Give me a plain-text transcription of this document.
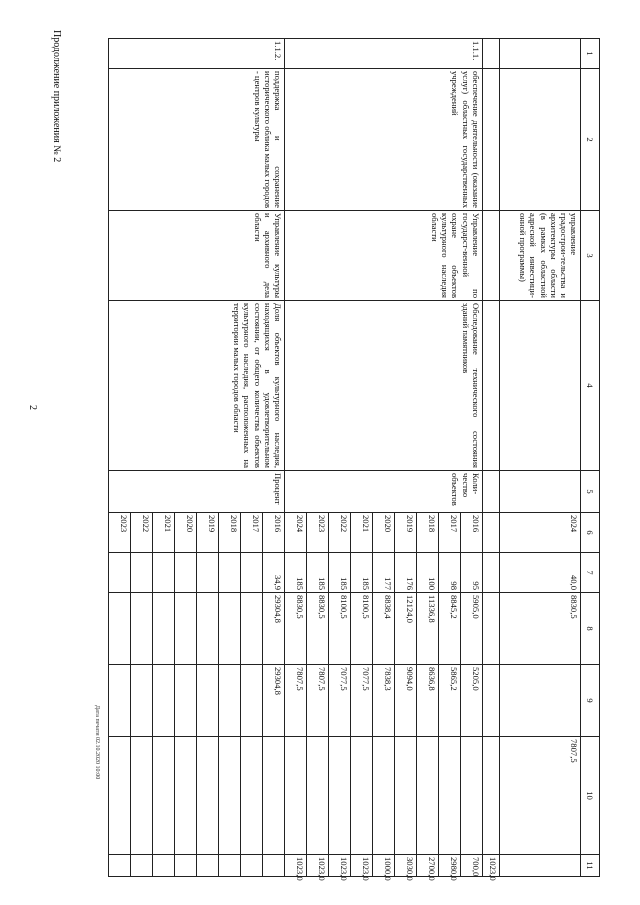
2
Продолжение приложения № 2
Дата печати 02.10.2020 10:00
1	2	3	4	5	6	7	8	9	10	11
		управление градострои-тельства и архитектуры области (в рамках областной адресной инвестици-онной программы)			2024	40,0	8830,5		7807,5	
										1023,0
1.1.1.	обеспечение деятельности (оказание услуг) областных государственных учреждений	Управление по государст-венной охране объектов культурного наследия области	Обследование технического состояния зданий памятников	Коли-чество объектов	2016	95	5905,0	5205,0		700,0
					2017	98	8845,2	5865,2		2980,0
					2018	100	11336,8	8636,8		2700,0
					2019	176	12124,0	9094,0		3030,0
					2020	177	8838,4	7838,3		1000,0
					2021	185	8100,5	7077,5		1023,0
					2022	185	8100,5	7077,5		1023,0
					2023	185	8830,5	7807,5		1023,0
					2024	185	8830,5	7807,5		1023,0
1.1.2.	поддержка и сохранение исторического облика малых городов - центров культуры	Управление культуры и архивного дела области	Доля объектов культурного наследия, находящихся в удовлетворительном состоянии, от общего количества объектов культурного наследия, расположенных на территории малых городов области	Процент	2016	34,9	29304,8	29304,8		
					2017					
					2018					
					2019					
					2020					
					2021					
					2022					
					2023					
